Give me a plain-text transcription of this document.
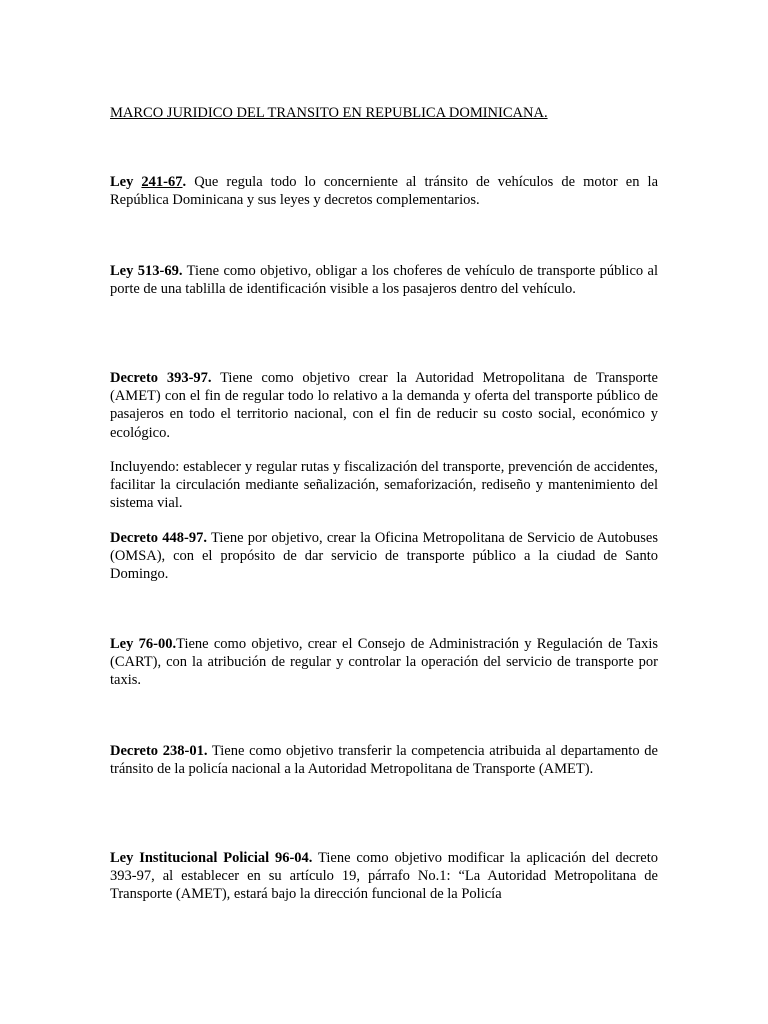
MARCO JURIDICO DEL TRANSITO EN REPUBLICA DOMINICANA.

Ley 241-67. Que regula todo lo concerniente al tránsito de vehículos de motor en la República Dominicana y sus leyes y decretos complementarios.

Ley 513-69. Tiene como objetivo, obligar a los choferes de vehículo de transporte público al porte de una tablilla de identificación visible a los pasajeros dentro del vehículo.

Decreto 393-97. Tiene como objetivo crear la Autoridad Metropolitana de Transporte (AMET) con el fin de regular todo lo relativo a la demanda y oferta del transporte público de pasajeros en todo el territorio nacional, con el fin de reducir su costo social, económico y ecológico.

Incluyendo: establecer y regular rutas y fiscalización del transporte, prevención de accidentes, facilitar la circulación mediante señalización, semaforización, rediseño y mantenimiento del sistema vial.

Decreto 448-97. Tiene por objetivo, crear la Oficina Metropolitana de Servicio de Autobuses (OMSA), con el propósito de dar servicio de transporte público a la ciudad de Santo Domingo.

Ley 76-00.Tiene como objetivo, crear el Consejo de Administración y Regulación de Taxis (CART), con la atribución de regular y controlar la operación del servicio de transporte por taxis.

Decreto 238-01. Tiene como objetivo transferir la competencia atribuida al departamento de tránsito de la policía nacional a la Autoridad Metropolitana de Transporte (AMET).

Ley Institucional Policial 96-04. Tiene como objetivo modificar la aplicación del decreto 393-97, al establecer en su artículo 19, párrafo No.1: “La Autoridad Metropolitana de Transporte (AMET), estará bajo la dirección funcional de la Policía
